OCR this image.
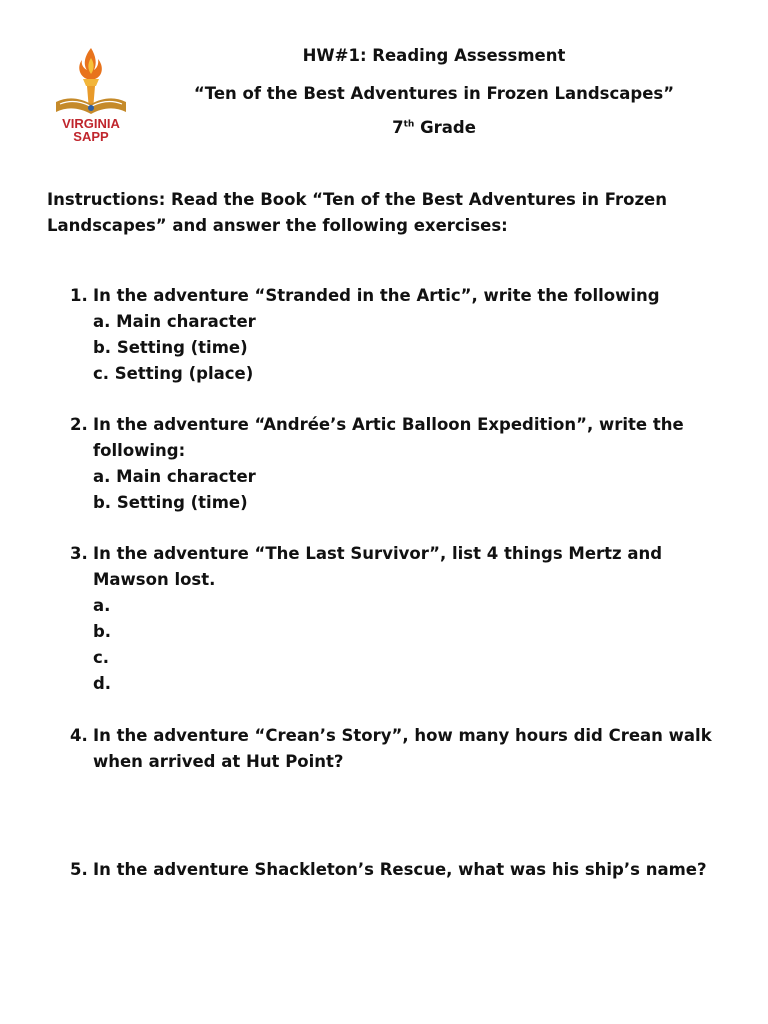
VIRGINIA
SAPP
HW#1: Reading Assessment
“Ten of the Best Adventures in Frozen Landscapes”
7th Grade
Instructions: Read the Book “Ten of the Best Adventures in Frozen Landscapes” and answer the following exercises:
1. In the adventure “Stranded in the Artic”, write the following
a. Main character
b. Setting (time)
c. Setting (place)
2. In the adventure “Andrée’s Artic Balloon Expedition”, write the following:
a. Main character
b. Setting (time)
3. In the adventure “The Last Survivor”, list 4 things Mertz and Mawson lost.
a.
b.
c.
d.
4. In the adventure “Crean’s Story”, how many hours did Crean walk when arrived at Hut Point?
5. In the adventure Shackleton’s Rescue, what was his ship’s name?
